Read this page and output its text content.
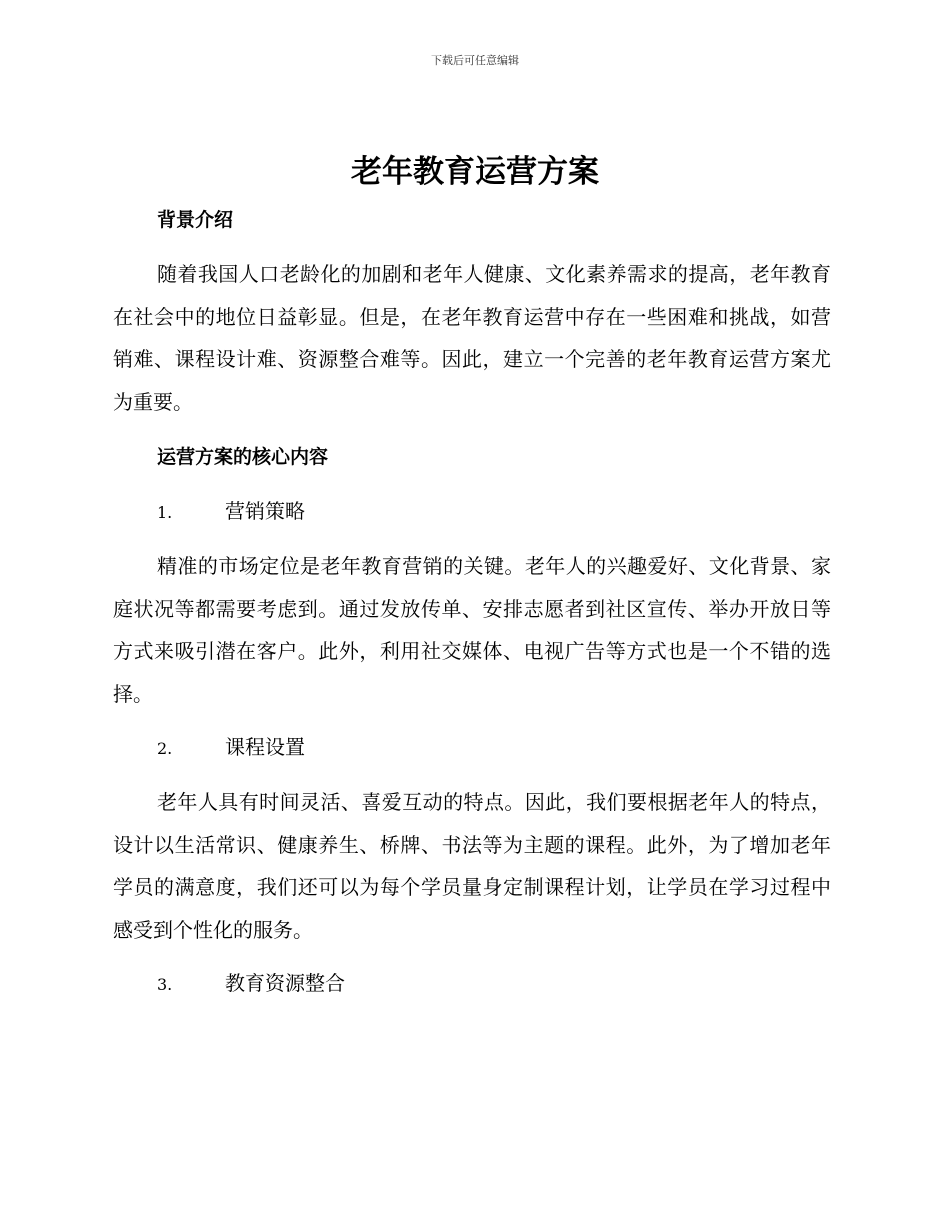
下载后可任意编辑
老年教育运营方案
背景介绍

随着我国人口老龄化的加剧和老年人健康、文化素养需求的提高，老年教育在社会中的地位日益彰显。但是，在老年教育运营中存在一些困难和挑战，如营销难、课程设计难、资源整合难等。因此，建立一个完善的老年教育运营方案尤为重要。

运营方案的核心内容
1.	营销策略

精准的市场定位是老年教育营销的关键。老年人的兴趣爱好、文化背景、家庭状况等都需要考虑到。通过发放传单、安排志愿者到社区宣传、举办开放日等方式来吸引潜在客户。此外，利用社交媒体、电视广告等方式也是一个不错的选择。

2.	课程设置

老年人具有时间灵活、喜爱互动的特点。因此，我们要根据老年人的特点，设计以生活常识、健康养生、桥牌、书法等为主题的课程。此外，为了增加老年学员的满意度，我们还可以为每个学员量身定制课程计划，让学员在学习过程中感受到个性化的服务。

3.	教育资源整合
